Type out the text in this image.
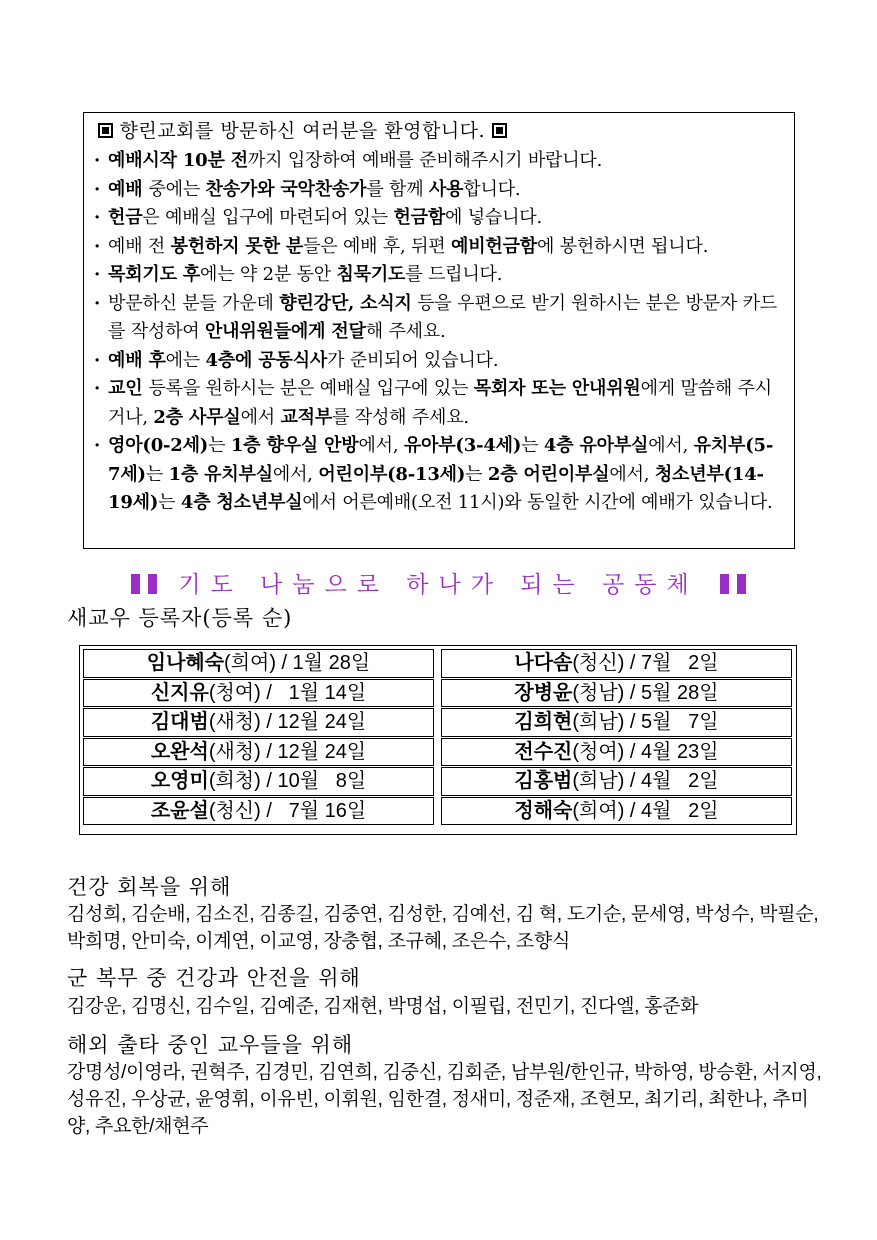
향린교회를 방문하신 여러분을 환영합니다.
· 예배시작 10분 전까지 입장하여 예배를 준비해주시기 바랍니다.
· 예배 중에는 찬송가와 국악찬송가를 함께 사용합니다.
· 헌금은 예배실 입구에 마련되어 있는 헌금함에 넣습니다.
· 예배 전 봉헌하지 못한 분들은 예배 후, 뒤편 예비헌금함에 봉헌하시면 됩니다.
· 목회기도 후에는 약 2분 동안 침묵기도를 드립니다.
· 방문하신 분들 가운데 향린강단, 소식지 등을 우편으로 받기 원하시는 분은 방문자 카드를 작성하여 안내위원들에게 전달해 주세요.
· 예배 후에는 4층에 공동식사가 준비되어 있습니다.
· 교인 등록을 원하시는 분은 예배실 입구에 있는 목회자 또는 안내위원에게 말씀해 주시거나, 2층 사무실에서 교적부를 작성해 주세요.
· 영아(0-2세)는 1층 향우실 안방에서, 유아부(3-4세)는 4층 유아부실에서, 유치부(5-7세)는 1층 유치부실에서, 어린이부(8-13세)는 2층 어린이부실에서, 청소년부(14-19세)는 4층 청소년부실에서 어른예배(오전 11시)와 동일한 시간에 예배가 있습니다.
기도 나눔으로 하나가 되는 공동체
새교우 등록자(등록 순)
임나혜숙(희여) / 1월 28일
신지유(청여) /   1월 14일
김대범(새청) / 12월 24일
오완석(새청) / 12월 24일
오영미(희청) / 10월   8일
조윤설(청신) /   7월 16일
나다솜(청신) / 7월   2일
장병윤(청남) / 5월 28일
김희현(희남) / 5월   7일
전수진(청여) / 4월 23일
김홍범(희남) / 4월   2일
정해숙(희여) / 4월   2일
건강 회복을 위해
김성희, 김순배, 김소진, 김종길, 김중연, 김성한, 김예선, 김 혁, 도기순, 문세영, 박성수, 박필순, 박희명, 안미숙, 이계연, 이교영, 장충협, 조규혜, 조은수, 조향식
군 복무 중 건강과 안전을 위해
김강운, 김명신, 김수일, 김예준, 김재현, 박명섭, 이필립, 전민기, 진다엘, 홍준화
해외 출타 중인 교우들을 위해
강명성/이영라, 권혁주, 김경민, 김연희, 김중신, 김회준, 남부원/한인규, 박하영, 방승환, 서지영, 성유진, 우상균, 윤영휘, 이유빈, 이휘원, 임한결, 정새미, 정준재, 조현모, 최기리, 최한나, 추미양, 추요한/채현주
